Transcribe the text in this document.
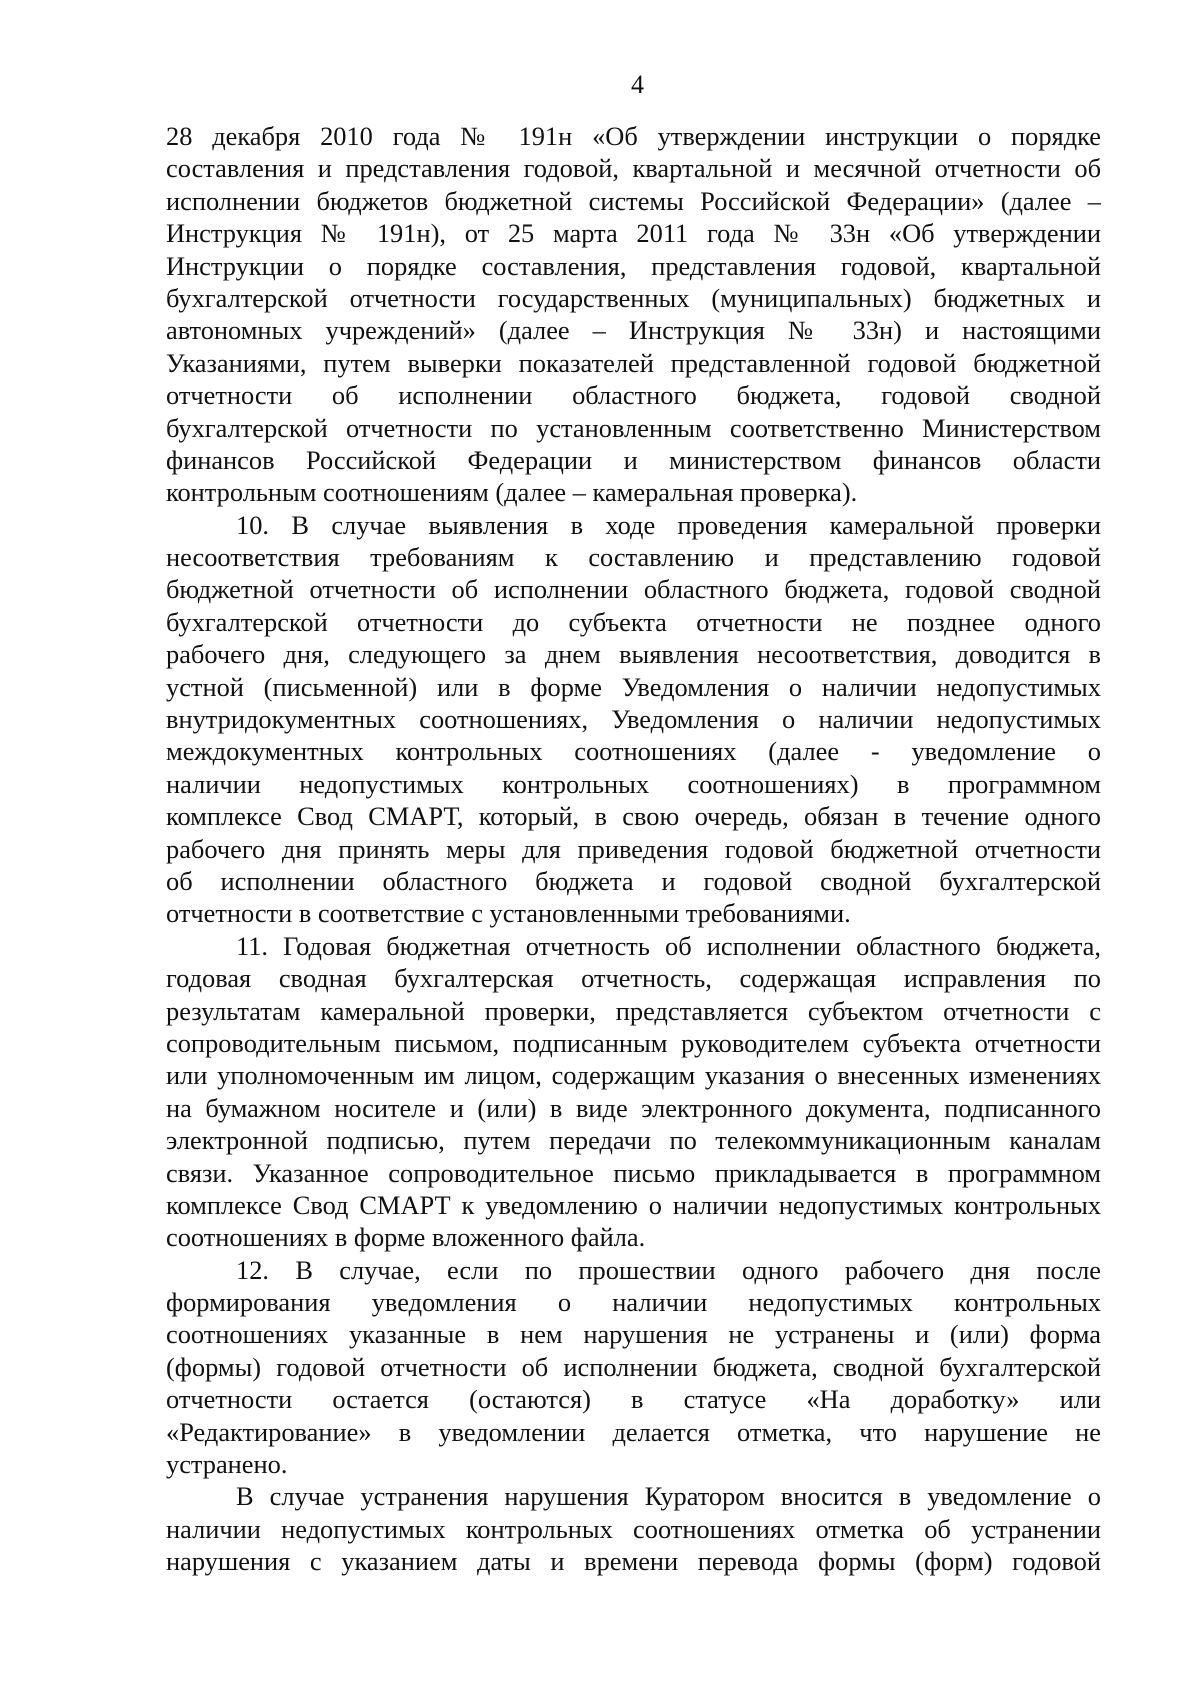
4
28 декабря 2010 года № 191н «Об утверждении инструкции о порядке
составления и представления годовой, квартальной и месячной отчетности об
исполнении бюджетов бюджетной системы Российской Федерации» (далее –
Инструкция № 191н), от 25 марта 2011 года № 33н «Об утверждении
Инструкции о порядке составления, представления годовой, квартальной
бухгалтерской отчетности государственных (муниципальных) бюджетных и
автономных учреждений» (далее – Инструкция № 33н) и настоящими
Указаниями, путем выверки показателей представленной годовой бюджетной
отчетности об исполнении областного бюджета, годовой сводной
бухгалтерской отчетности по установленным соответственно Министерством
финансов Российской Федерации и министерством финансов области
контрольным соотношениям (далее – камеральная проверка).
10. В случае выявления в ходе проведения камеральной проверки
несоответствия требованиям к составлению и представлению годовой
бюджетной отчетности об исполнении областного бюджета, годовой сводной
бухгалтерской отчетности до субъекта отчетности не позднее одного
рабочего дня, следующего за днем выявления несоответствия, доводится в
устной (письменной) или в форме Уведомления о наличии недопустимых
внутридокументных соотношениях, Уведомления о наличии недопустимых
междокументных контрольных соотношениях (далее - уведомление о
наличии недопустимых контрольных соотношениях) в программном
комплексе Свод СМАРТ, который, в свою очередь, обязан в течение одного
рабочего дня принять меры для приведения годовой бюджетной отчетности
об исполнении областного бюджета и годовой сводной бухгалтерской
отчетности в соответствие с установленными требованиями.
11. Годовая бюджетная отчетность об исполнении областного бюджета,
годовая сводная бухгалтерская отчетность, содержащая исправления по
результатам камеральной проверки, представляется субъектом отчетности с
сопроводительным письмом, подписанным руководителем субъекта отчетности
или уполномоченным им лицом, содержащим указания о внесенных изменениях
на бумажном носителе и (или) в виде электронного документа, подписанного
электронной подписью, путем передачи по телекоммуникационным каналам
связи. Указанное сопроводительное письмо прикладывается в программном
комплексе Свод СМАРТ к уведомлению о наличии недопустимых контрольных
соотношениях в форме вложенного файла.
12. В случае, если по прошествии одного рабочего дня после
формирования уведомления о наличии недопустимых контрольных
соотношениях указанные в нем нарушения не устранены и (или) форма
(формы) годовой отчетности об исполнении бюджета, сводной бухгалтерской
отчетности остается (остаются) в статусе «На доработку» или
«Редактирование» в уведомлении делается отметка, что нарушение не
устранено.
В случае устранения нарушения Куратором вносится в уведомление о
наличии недопустимых контрольных соотношениях отметка об устранении
нарушения с указанием даты и времени перевода формы (форм) годовой
